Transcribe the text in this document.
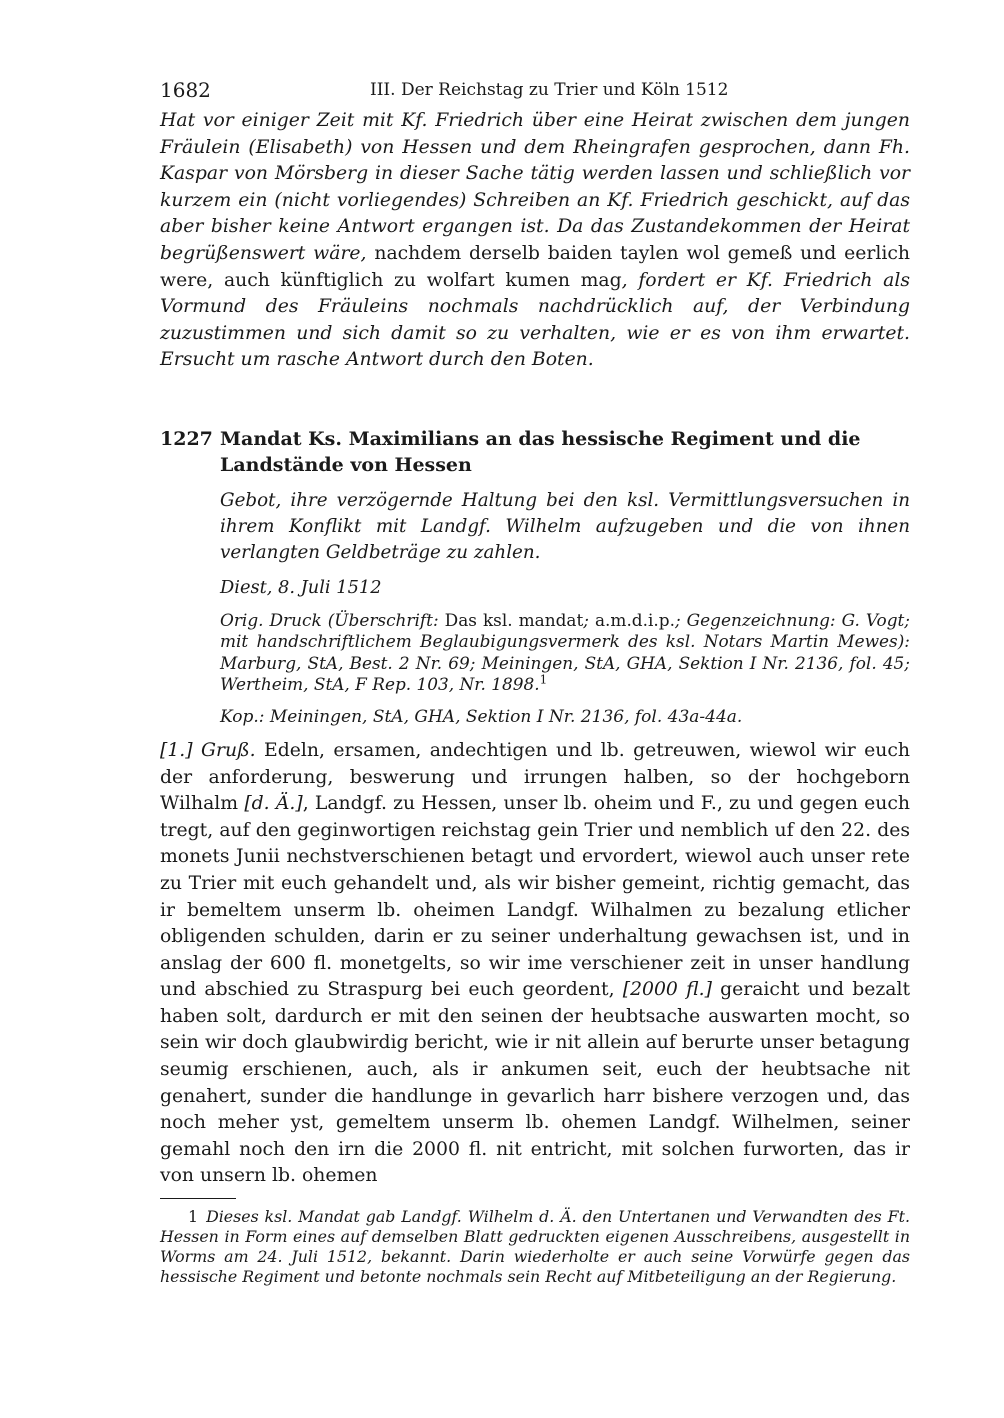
1682	III. Der Reichstag zu Trier und Köln 1512

Hat vor einiger Zeit mit Kf. Friedrich über eine Heirat zwischen dem jungen Fräulein (Elisabeth) von Hessen und dem Rheingrafen gesprochen, dann Fh. Kaspar von Mörsberg in dieser Sache tätig werden lassen und schließlich vor kurzem ein (nicht vorliegendes) Schreiben an Kf. Friedrich geschickt, auf das aber bisher keine Antwort ergangen ist. Da das Zustandekommen der Heirat begrüßenswert wäre, nachdem derselb baiden taylen wol gemeß und eerlich were, auch künftiglich zu wolfart kumen mag, fordert er Kf. Friedrich als Vormund des Fräuleins nochmals nachdrücklich auf, der Verbindung zuzustimmen und sich damit so zu verhalten, wie er es von ihm erwartet. Ersucht um rasche Antwort durch den Boten.

1227 Mandat Ks. Maximilians an das hessische Regiment und die Landstände von Hessen

Gebot, ihre verzögernde Haltung bei den ksl. Vermittlungsversuchen in ihrem Konflikt mit Landgf. Wilhelm aufzugeben und die von ihnen verlangten Geldbeträge zu zahlen.

Diest, 8. Juli 1512

Orig. Druck (Überschrift: Das ksl. mandat; a.m.d.i.p.; Gegenzeichnung: G. Vogt; mit handschriftlichem Beglaubigungsvermerk des ksl. Notars Martin Mewes): Marburg, StA, Best. 2 Nr. 69; Meiningen, StA, GHA, Sektion I Nr. 2136, fol. 45; Wertheim, StA, F Rep. 103, Nr. 1898.$^1$

Kop.: Meiningen, StA, GHA, Sektion I Nr. 2136, fol. 43a-44a.

[1.] Gruß. Edeln, ersamen, andechtigen und lb. getreuwen, wiewol wir euch der anforderung, beswerung und irrungen halben, so der hochgeborn Wilhalm [d. Ä.], Landgf. zu Hessen, unser lb. oheim und F., zu und gegen euch tregt, auf den geginwortigen reichstag gein Trier und nemblich uf den 22. des monets Junii nechstverschienen betagt und ervordert, wiewol auch unser rete zu Trier mit euch gehandelt und, als wir bisher gemeint, richtig gemacht, das ir bemeltem unserm lb. oheimen Landgf. Wilhalmen zu bezalung etlicher obligenden schulden, darin er zu seiner underhaltung gewachsen ist, und in anslag der 600 fl. monetgelts, so wir ime verschiener zeit in unser handlung und abschied zu Straspurg bei euch geordent, [2000 fl.] geraicht und bezalt haben solt, dardurch er mit den seinen der heubtsache auswarten mocht, so sein wir doch glaubwirdig bericht, wie ir nit allein auf berurte unser betagung seumig erschienen, auch, als ir ankumen seit, euch der heubtsache nit genahert, sunder die handlunge in gevarlich harr bishere verzogen und, das noch meher yst, gemeltem unserm lb. ohemen Landgf. Wilhelmen, seiner gemahl noch den irn die 2000 fl. nit entricht, mit solchen furworten, das ir von unsern lb. ohemen

1 Dieses ksl. Mandat gab Landgf. Wilhelm d. Ä. den Untertanen und Verwandten des Ft. Hessen in Form eines auf demselben Blatt gedruckten eigenen Ausschreibens, ausgestellt in Worms am 24. Juli 1512, bekannt. Darin wiederholte er auch seine Vorwürfe gegen das hessische Regiment und betonte nochmals sein Recht auf Mitbeteiligung an der Regierung.
